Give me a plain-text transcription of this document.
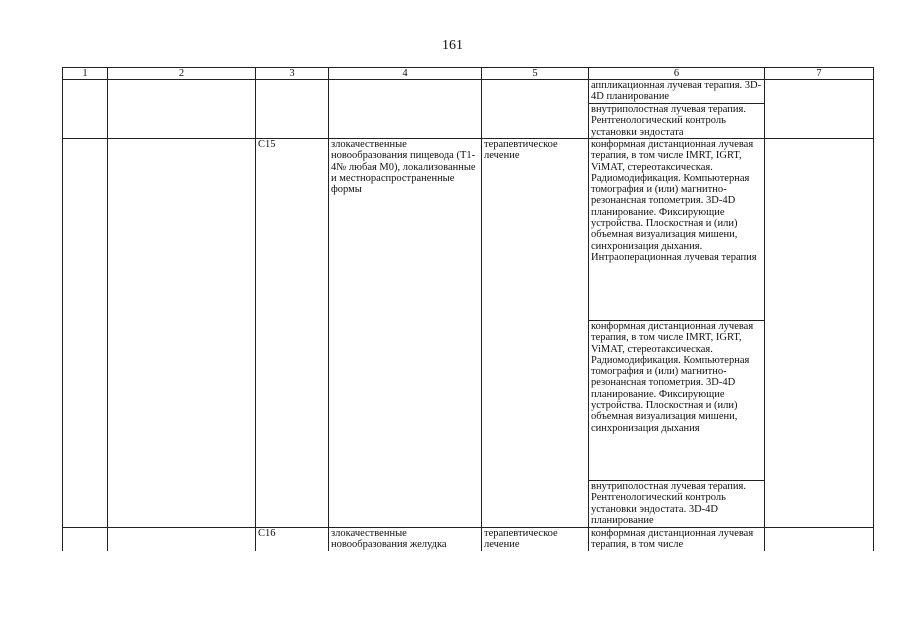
161
1	2	3	4	5	6	7
					аппликационная лучевая терапия. 3D-4D планирование	
					внутриполостная лучевая терапия. Рентгенологический контроль установки эндостата	
		C15	злокачественные новообразования пищевода (T1-4№ любая M0), локализованные и местнораспространенные формы	терапевтическое лечение	конформная дистанционная лучевая терапия, в том числе IMRT, IGRT, ViMAT, стереотаксическая. Радиомодификация. Компьютерная томография и (или) магнитно-резонансная топометрия. 3D-4D планирование. Фиксирующие устройства. Плоскостная и (или) объемная визуализация мишени, синхронизация дыхания. Интраоперационная лучевая терапия	
					конформная дистанционная лучевая терапия, в том числе IMRT, IGRT, ViMAT, стереотаксическая. Радиомодификация. Компьютерная томография и (или) магнитно-резонансная топометрия. 3D-4D планирование. Фиксирующие устройства. Плоскостная и (или) объемная визуализация мишени, синхронизация дыхания	
					внутриполостная лучевая терапия. Рентгенологический контроль установки эндостата. 3D-4D планирование	
		C16	злокачественные новообразования желудка	терапевтическое лечение	конформная дистанционная лучевая терапия, в том числе	
